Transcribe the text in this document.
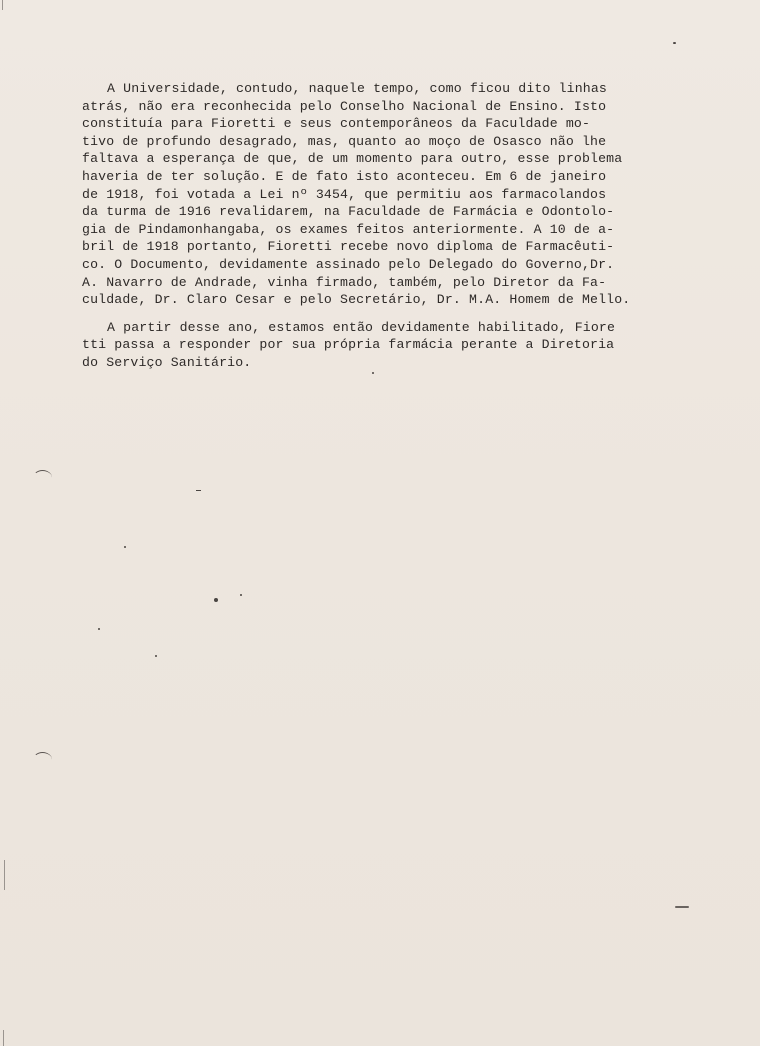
A Universidade, contudo, naquele tempo, como ficou dito linhas
atrás, não era reconhecida pelo Conselho Nacional de Ensino. Isto
constituía para Fioretti e seus contemporâneos da Faculdade mo-
tivo de profundo desagrado, mas, quanto ao moço de Osasco não lhe
faltava a esperança de que, de um momento para outro, esse problema
haveria de ter solução. E de fato isto aconteceu. Em 6 de janeiro
de 1918, foi votada a Lei nº 3454, que permitiu aos farmacolandos
da turma de 1916 revalidarem, na Faculdade de Farmácia e Odontolo-
gia de Pindamonhangaba, os exames feitos anteriormente. A 10 de a-
bril de 1918 portanto, Fioretti recebe novo diploma de Farmacêuti-
co. O Documento, devidamente assinado pelo Delegado do Governo,Dr.
A. Navarro de Andrade, vinha firmado, também, pelo Diretor da Fa-
culdade, Dr. Claro Cesar e pelo Secretário, Dr. M.A. Homem de Mello.
A partir desse ano, estamos então devidamente habilitado, Fiore
tti passa a responder por sua própria farmácia perante a Diretoria
do Serviço Sanitário.
